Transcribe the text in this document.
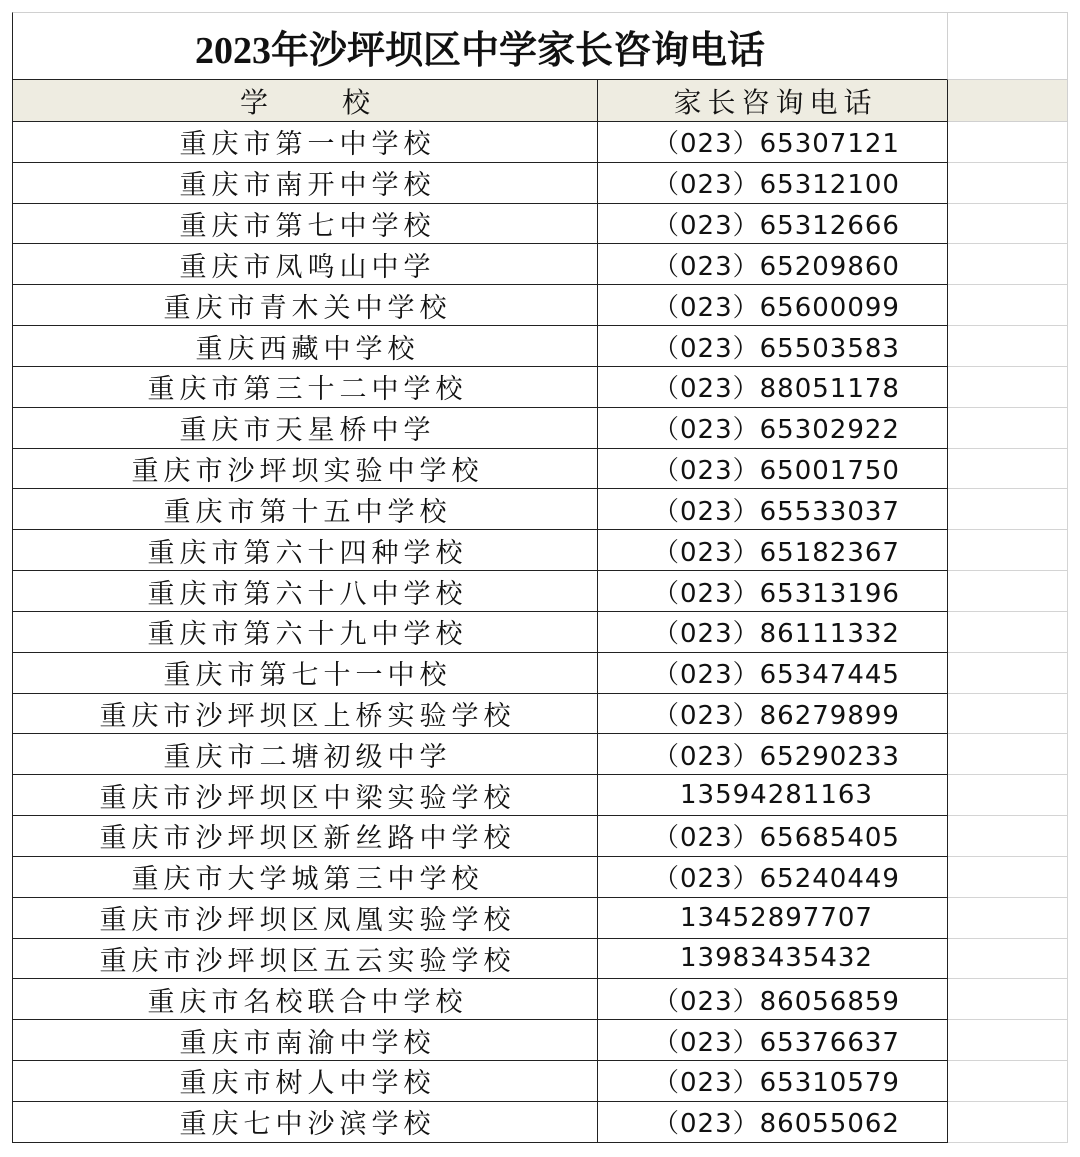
2023年沙坪坝区中学家长咨询电话
学　　校	家长咨询电话
重庆市第一中学校	（023）65307121
重庆市南开中学校	（023）65312100
重庆市第七中学校	（023）65312666
重庆市凤鸣山中学	（023）65209860
重庆市青木关中学校	（023）65600099
重庆西藏中学校	（023）65503583
重庆市第三十二中学校	（023）88051178
重庆市天星桥中学	（023）65302922
重庆市沙坪坝实验中学校	（023）65001750
重庆市第十五中学校	（023）65533037
重庆市第六十四种学校	（023）65182367
重庆市第六十八中学校	（023）65313196
重庆市第六十九中学校	（023）86111332
重庆市第七十一中校	（023）65347445
重庆市沙坪坝区上桥实验学校	（023）86279899
重庆市二塘初级中学	（023）65290233
重庆市沙坪坝区中梁实验学校	13594281163
重庆市沙坪坝区新丝路中学校	（023）65685405
重庆市大学城第三中学校	（023）65240449
重庆市沙坪坝区凤凰实验学校	13452897707
重庆市沙坪坝区五云实验学校	13983435432
重庆市名校联合中学校	（023）86056859
重庆市南渝中学校	（023）65376637
重庆市树人中学校	（023）65310579
重庆七中沙滨学校	（023）86055062
